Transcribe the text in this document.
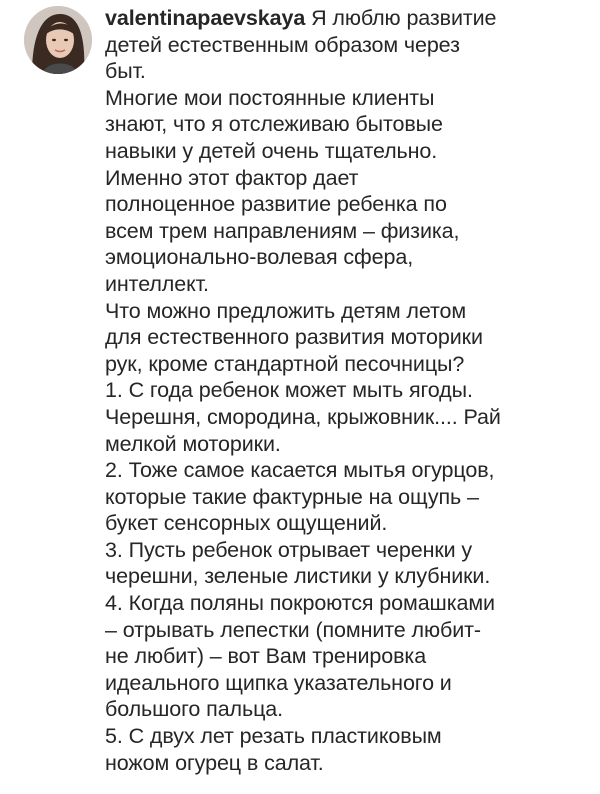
valentinapaevskaya Я люблю развитие
детей естественным образом через
быт.
Многие мои постоянные клиенты
знают, что я отслеживаю бытовые
навыки у детей очень тщательно.
Именно этот фактор дает
полноценное развитие ребенка по
всем трем направлениям – физика,
эмоционально-волевая сфера,
интеллект.
Что можно предложить детям летом
для естественного развития моторики
рук, кроме стандартной песочницы?
1. С года ребенок может мыть ягоды.
Черешня, смородина, крыжовник.... Рай
мелкой моторики.
2. Тоже самое касается мытья огурцов,
которые такие фактурные на ощупь –
букет сенсорных ощущений.
3. Пусть ребенок отрывает черенки у
черешни, зеленые листики у клубники.
4. Когда поляны покроются ромашками
– отрывать лепестки (помните любит-
не любит) – вот Вам тренировка
идеального щипка указательного и
большого пальца.
5. С двух лет резать пластиковым
ножом огурец в салат.
